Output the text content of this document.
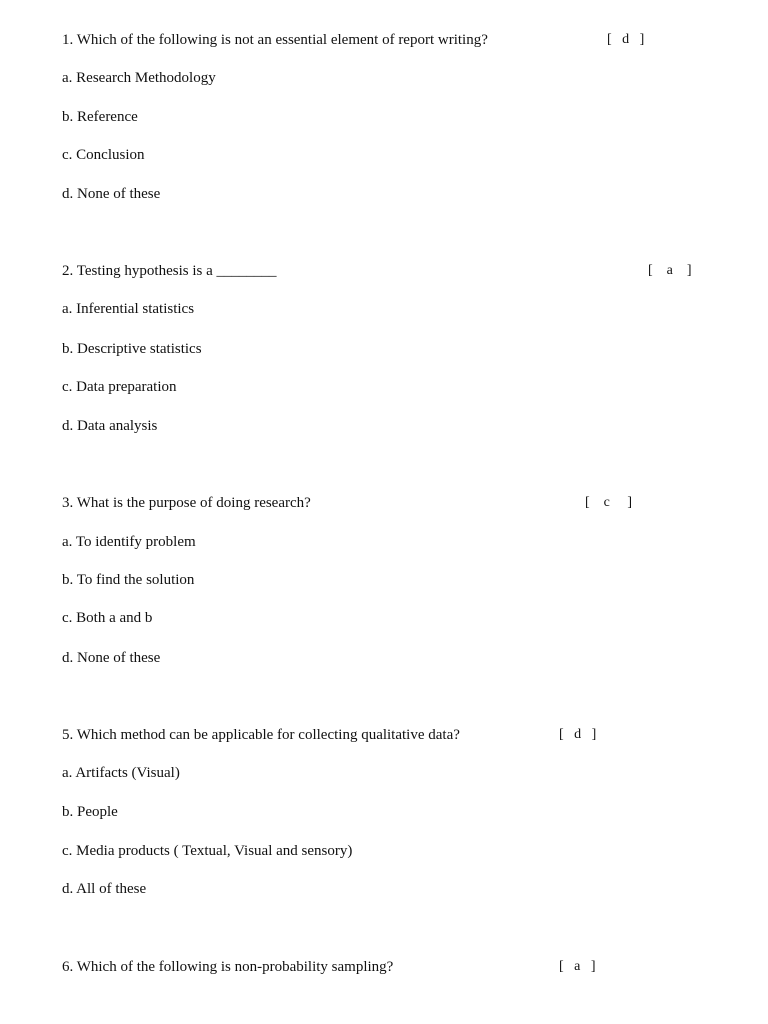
1. Which of the following is not an essential element of report writing?	[   d   ]
a. Research Methodology
b. Reference
c. Conclusion
d. None of these
2. Testing hypothesis is a ________	[    a    ]
a. Inferential statistics
b. Descriptive statistics
c. Data preparation
d. Data analysis
3. What is the purpose of doing research?	[    c     ]
a. To identify problem
b. To find the solution
c. Both a and b
d. None of these
5. Which method can be applicable for collecting qualitative data?	[   d   ]
a. Artifacts (Visual)
b. People
c. Media products ( Textual, Visual and sensory)
d. All of these
6. Which of the following is non-probability sampling?	[   a   ]
